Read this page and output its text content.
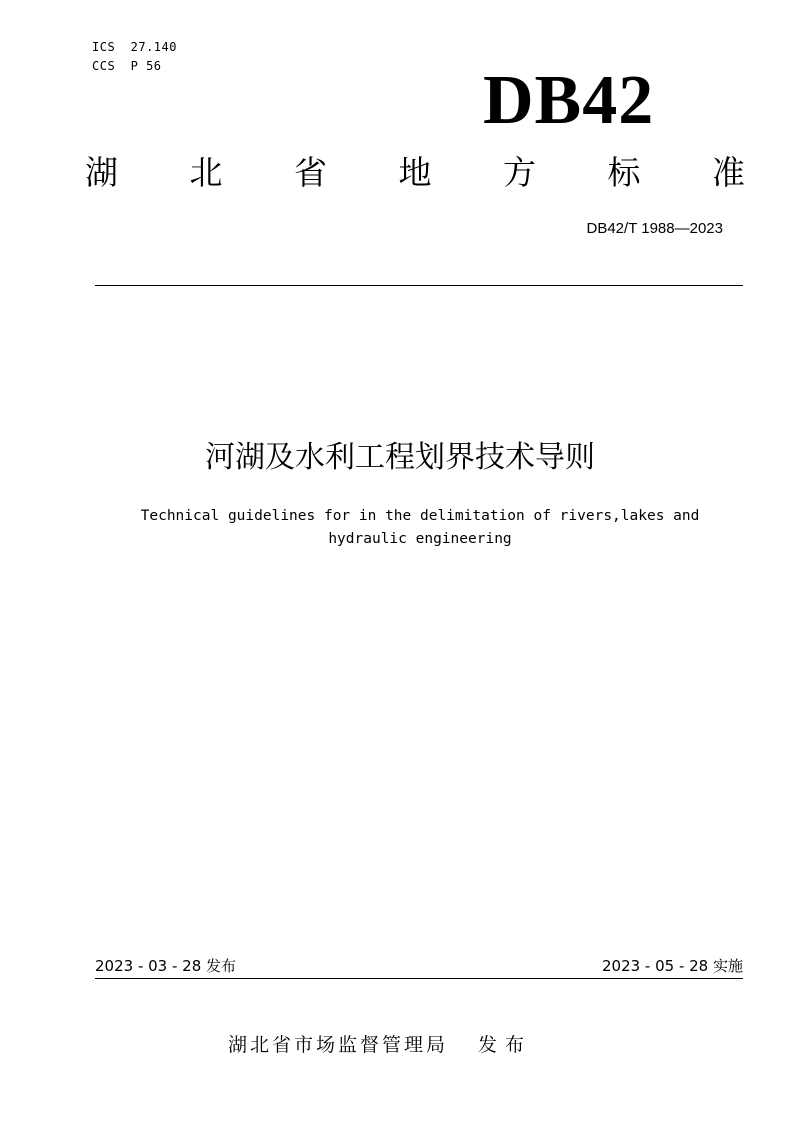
ICS  27.140
CCS  P 56	DB42
湖 北 省 地 方 标 准
DB42/T 1988—2023
河湖及水利工程划界技术导则
Technical guidelines for in the delimitation of rivers,lakes and
hydraulic engineering
2023 - 03 - 28 发布	2023 - 05 - 28 实施
湖北省市场监督管理局 发布
